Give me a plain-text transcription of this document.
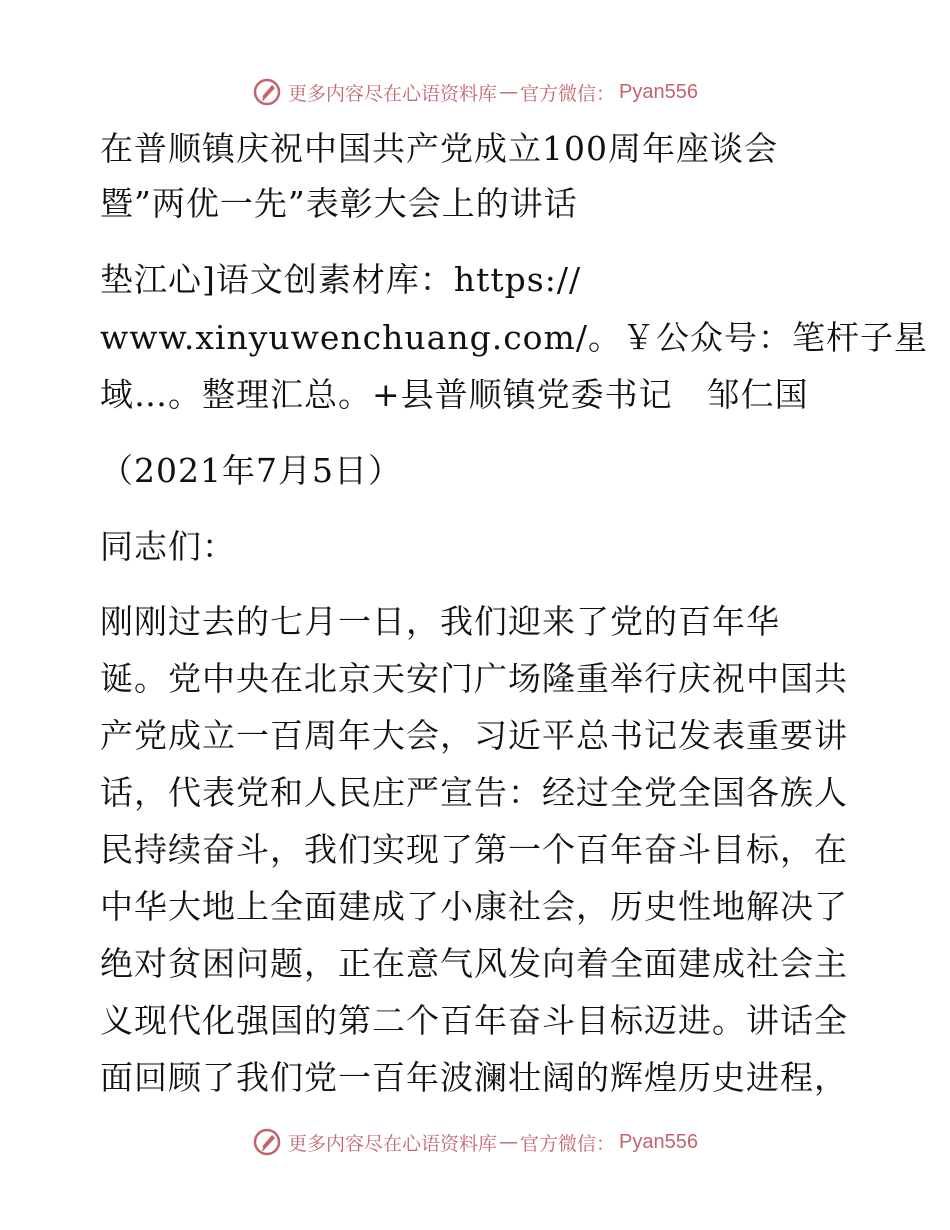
更多内容尽在心语资料库 — 官方微信： Pyan556
在普顺镇庆祝中国共产党成立100周年座谈会
暨”两优一先”表彰大会上的讲话
垫江心]语文创素材库：https://
www.xinyuwenchuang.com/。￥公众号：笔杆子星
域…。整理汇总。+县普顺镇党委书记　邹仁国
（2021年7月5日）
同志们：
刚刚过去的七月一日，我们迎来了党的百年华
诞。党中央在北京天安门广场隆重举行庆祝中国共
产党成立一百周年大会，习近平总书记发表重要讲
话，代表党和人民庄严宣告：经过全党全国各族人
民持续奋斗，我们实现了第一个百年奋斗目标，在
中华大地上全面建成了小康社会，历史性地解决了
绝对贫困问题，正在意气风发向着全面建成社会主
义现代化强国的第二个百年奋斗目标迈进。讲话全
面回顾了我们党一百年波澜壮阔的辉煌历史进程，
更多内容尽在心语资料库 — 官方微信： Pyan556
